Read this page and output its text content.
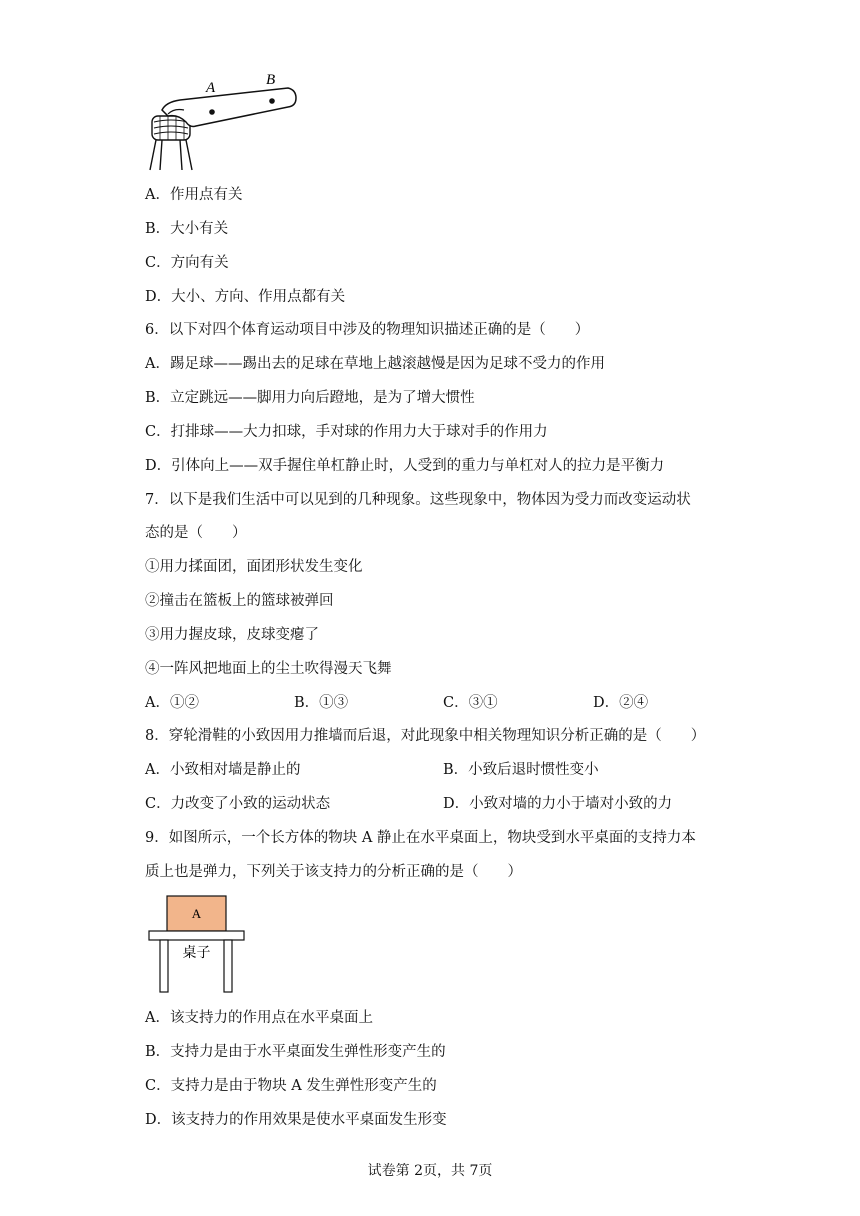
A	B
A．作用点有关
B．大小有关
C．方向有关
D．大小、方向、作用点都有关
6．以下对四个体育运动项目中涉及的物理知识描述正确的是（　　）
A．踢足球——踢出去的足球在草地上越滚越慢是因为足球不受力的作用
B．立定跳远——脚用力向后蹬地，是为了增大惯性
C．打排球——大力扣球，手对球的作用力大于球对手的作用力
D．引体向上——双手握住单杠静止时，人受到的重力与单杠对人的拉力是平衡力
7．以下是我们生活中可以见到的几种现象。这些现象中，物体因为受力而改变运动状
态的是（　　）
①用力揉面团，面团形状发生变化
②撞击在篮板上的篮球被弹回
③用力握皮球，皮球变瘪了
④一阵风把地面上的尘土吹得漫天飞舞
A．①②	B．①③	C．③①	D．②④
8．穿轮滑鞋的小致因用力推墙而后退，对此现象中相关物理知识分析正确的是（　　）
A．小致相对墙是静止的	B．小致后退时惯性变小
C．力改变了小致的运动状态	D．小致对墙的力小于墙对小致的力
9．如图所示，一个长方体的物块 A 静止在水平桌面上，物块受到水平桌面的支持力本
质上也是弹力，下列关于该支持力的分析正确的是（　　）
A
桌子
A．该支持力的作用点在水平桌面上
B．支持力是由于水平桌面发生弹性形变产生的
C．支持力是由于物块 A 发生弹性形变产生的
D．该支持力的作用效果是使水平桌面发生形变
试卷第 2页，共 7页
